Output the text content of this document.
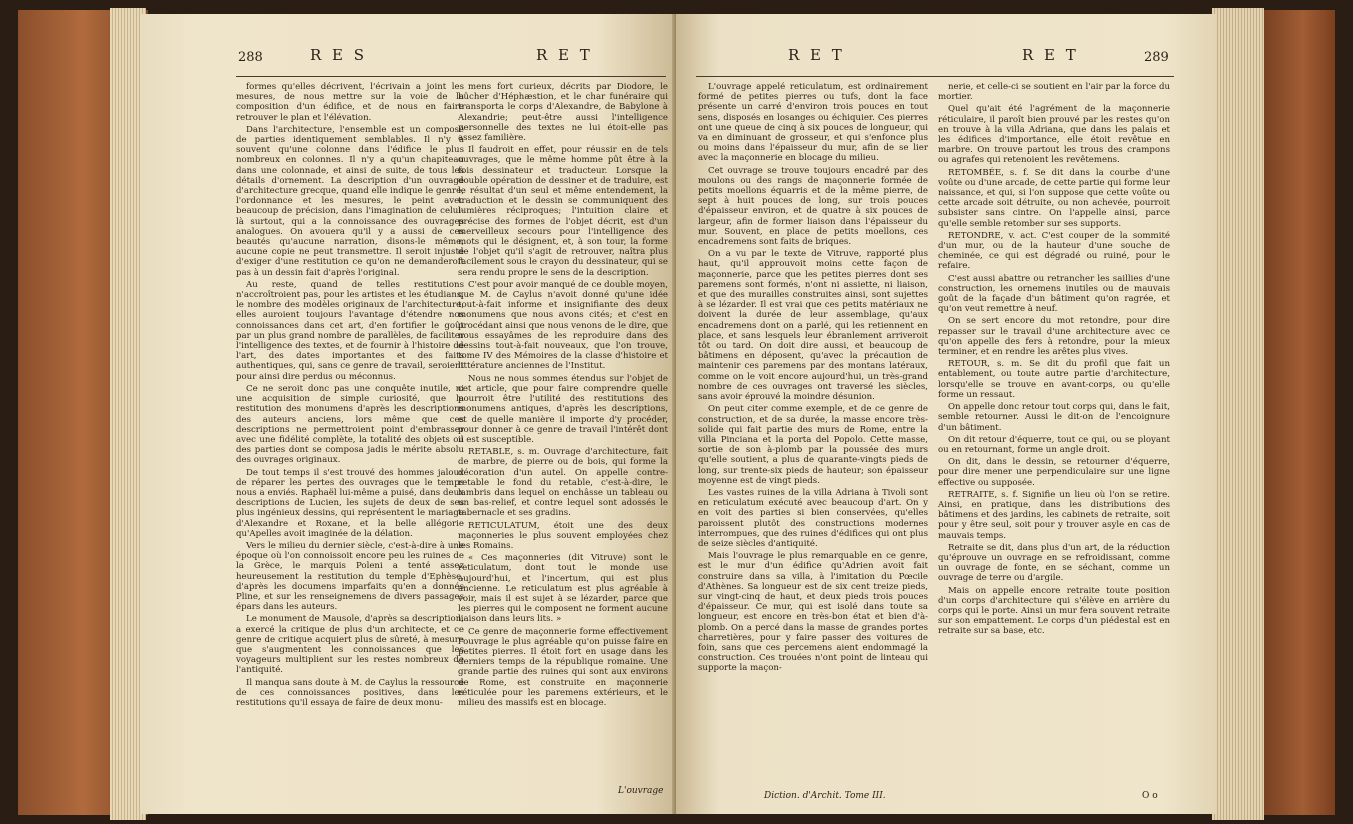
288	R E S	R E T

formes qu'elles décrivent, l'écrivain a joint les mesures, de nous mettre sur la voie de la composition d'un édifice, et de nous en faire retrouver le plan et l'élévation.

Dans l'architecture, l'ensemble est un composé de parties identiquement semblables. Il n'y a souvent qu'une colonne dans l'édifice le plus nombreux en colonnes. Il n'y a qu'un chapiteau dans une colonnade, et ainsi de suite, de tous les détails d'ornement. La description d'un ouvrage d'architecture grecque, quand elle indique le genre, l'ordonnance et les mesures, le peint avec beaucoup de précision, dans l'imagination de celui-là surtout, qui a la connoissance des ouvrages analogues. On avouera qu'il y a aussi de ces beautés qu'aucune narration, disons-le même, aucune copie ne peut transmettre. Il seroit injuste d'exiger d'une restitution ce qu'on ne demanderoit pas à un dessin fait d'après l'original.

Au reste, quand de telles restitutions n'accroîtroient pas, pour les artistes et les étudians, le nombre des modèles originaux de l'architecture, elles auroient toujours l'avantage d'étendre nos connoissances dans cet art, d'en fortifier le goût par un plus grand nombre de parallèles, de faciliter l'intelligence des textes, et de fournir à l'histoire de l'art, des dates importantes et des faits authentiques, qui, sans ce genre de travail, seroient pour ainsi dire perdus ou méconnus.

Ce ne seroit donc pas une conquête inutile, ni une acquisition de simple curiosité, que la restitution des monumens d'après les descriptions des auteurs anciens, lors même que ces descriptions ne permettroient point d'embrasser avec une fidélité complète, la totalité des objets ou des parties dont se composa jadis le mérite absolu des ouvrages originaux.

De tout temps il s'est trouvé des hommes jaloux de réparer les pertes des ouvrages que le temps nous a enviés. Raphaël lui-même a puisé, dans deux descriptions de Lucien, les sujets de deux de ses plus ingénieux dessins, qui représentent le mariage d'Alexandre et Roxane, et la belle allégorie qu'Apelles avoit imaginée de la délation.

Vers le milieu du dernier siècle, c'est-à-dire à une époque où l'on connoissoit encore peu les ruines de la Grèce, le marquis Poleni a tenté assez heureusement la restitution du temple d'Ephèse, d'après les documens imparfaits qu'en a donnés Pline, et sur les renseignemens de divers passages épars dans les auteurs.

Le monument de Mausole, d'après sa description, a exercé la critique de plus d'un architecte, et ce genre de critique acquiert plus de sûreté, à mesure que s'augmentent les connoissances que les voyageurs multiplient sur les restes nombreux de l'antiquité.

Il manqua sans doute à M. de Caylus la ressource de ces connoissances positives, dans les restitutions qu'il essaya de faire de deux monu-

mens fort curieux, décrits par Diodore, le bûcher d'Héphæstion, et le char funéraire qui transporta le corps d'Alexandre, de Babylone à Alexandrie; peut-être aussi l'intelligence personnelle des textes ne lui étoit-elle pas assez familière.

Il faudroit en effet, pour réussir en de tels ouvrages, que le même homme pût être à la fois dessinateur et traducteur. Lorsque la double opération de dessiner et de traduire, est le résultat d'un seul et même entendement, la traduction et le dessin se communiquent des lumières réciproques; l'intuition claire et précise des formes de l'objet décrit, est d'un merveilleux secours pour l'intelligence des mots qui le désignent, et, à son tour, la forme de l'objet qu'il s'agit de retrouver, naîtra plus facilement sous le crayon du dessinateur, qui se sera rendu propre le sens de la description.

C'est pour avoir manqué de ce double moyen, que M. de Caylus n'avoit donné qu'une idée tout-à-fait informe et insignifiante des deux monumens que nous avons cités; et c'est en procédant ainsi que nous venons de le dire, que nous essayâmes de les reproduire dans des dessins tout-à-fait nouveaux, que l'on trouve, tome IV des Mémoires de la classe d'histoire et littérature anciennes de l'Institut.

Nous ne nous sommes étendus sur l'objet de cet article, que pour faire comprendre quelle pourroit être l'utilité des restitutions des monumens antiques, d'après les descriptions, et de quelle manière il importe d'y procéder, pour donner à ce genre de travail l'intérêt dont il est susceptible.

RETABLE, s. m. Ouvrage d'architecture, fait de marbre, de pierre ou de bois, qui forme la décoration d'un autel. On appelle contre-retable le fond du retable, c'est-à-dire, le lambris dans lequel on enchâsse un tableau ou un bas-relief, et contre lequel sont adossés le tabernacle et ses gradins.

RETICULATUM, étoit une des deux maçonneries le plus souvent employées chez les Romains.

« Ces maçonneries (dit Vitruve) sont le reticulatum, dont tout le monde use aujourd'hui, et l'incertum, qui est plus ancienne. Le reticulatum est plus agréable à voir, mais il est sujet à se lézarder, parce que les pierres qui le composent ne forment aucune liaison dans leurs lits. »

Ce genre de maçonnerie forme effectivement l'ouvrage le plus agréable qu'on puisse faire en petites pierres. Il étoit fort en usage dans les derniers temps de la république romaine. Une grande partie des ruines qui sont aux environs de Rome, est construite en maçonnerie réticulée pour les paremens extérieurs, et le milieu des massifs est en blocage.

L'ouvrage
R E T	R E T	289

L'ouvrage appelé reticulatum, est ordinairement formé de petites pierres ou tufs, dont la face présente un carré d'environ trois pouces en tout sens, disposés en losanges ou échiquier. Ces pierres ont une queue de cinq à six pouces de longueur, qui va en diminuant de grosseur, et qui s'enfonce plus ou moins dans l'épaisseur du mur, afin de se lier avec la maçonnerie en blocage du milieu.

Cet ouvrage se trouve toujours encadré par des moulons ou des rangs de maçonnerie formée de petits moellons équarris et de la même pierre, de sept à huit pouces de long, sur trois pouces d'épaisseur environ, et de quatre à six pouces de largeur, afin de former liaison dans l'épaisseur du mur. Souvent, en place de petits moellons, ces encadremens sont faits de briques.

On a vu par le texte de Vitruve, rapporté plus haut, qu'il approuvoit moins cette façon de maçonnerie, parce que les petites pierres dont ses paremens sont formés, n'ont ni assiette, ni liaison, et que des murailles construites ainsi, sont sujettes à se lézarder. Il est vrai que ces petits matériaux ne doivent la durée de leur assemblage, qu'aux encadremens dont on a parlé, qui les retiennent en place, et sans lesquels leur ébranlement arriveroit tôt ou tard. On doit dire aussi, et beaucoup de bâtimens en déposent, qu'avec la précaution de maintenir ces paremens par des montans latéraux, comme on le voit encore aujourd'hui, un très-grand nombre de ces ouvrages ont traversé les siècles, sans avoir éprouvé la moindre désunion.

On peut citer comme exemple, et de ce genre de construction, et de sa durée, la masse encore très-solide qui fait partie des murs de Rome, entre la villa Pinciana et la porta del Popolo. Cette masse, sortie de son à-plomb par la poussée des murs qu'elle soutient, a plus de quarante-vingts pieds de long, sur trente-six pieds de hauteur; son épaisseur moyenne est de vingt pieds.

Les vastes ruines de la villa Adriana à Tivoli sont en reticulatum exécuté avec beaucoup d'art. On y en voit des parties si bien conservées, qu'elles paroissent plutôt des constructions modernes interrompues, que des ruines d'édifices qui ont plus de seize siècles d'antiquité.

Mais l'ouvrage le plus remarquable en ce genre, est le mur d'un édifice qu'Adrien avoit fait construire dans sa villa, à l'imitation du Pœcile d'Athènes. Sa longueur est de six cent treize pieds, sur vingt-cinq de haut, et deux pieds trois pouces d'épaisseur. Ce mur, qui est isolé dans toute sa longueur, est encore en très-bon état et bien d'à-plomb. On a percé dans la masse de grandes portes charretières, pour y faire passer des voitures de foin, sans que ces percemens aient endommagé la construction. Ces trouées n'ont point de linteau qui supporte la maçon-

nerie, et celle-ci se soutient en l'air par la force du mortier.

Quel qu'ait été l'agrément de la maçonnerie réticulaire, il paroît bien prouvé par les restes qu'on en trouve à la villa Adriana, que dans les palais et les édifices d'importance, elle étoit revêtue en marbre. On trouve partout les trous des crampons ou agrafes qui retenoient les revêtemens.

RETOMBÉE, s. f. Se dit dans la courbe d'une voûte ou d'une arcade, de cette partie qui forme leur naissance, et qui, si l'on suppose que cette voûte ou cette arcade soit détruite, ou non achevée, pourroit subsister sans cintre. On l'appelle ainsi, parce qu'elle semble retomber sur ses supports.

RETONDRE, v. act. C'est couper de la sommité d'un mur, ou de la hauteur d'une souche de cheminée, ce qui est dégradé ou ruiné, pour le refaire.

C'est aussi abattre ou retrancher les saillies d'une construction, les ornemens inutiles ou de mauvais goût de la façade d'un bâtiment qu'on ragrée, et qu'on veut remettre à neuf.

On se sert encore du mot retondre, pour dire repasser sur le travail d'une architecture avec ce qu'on appelle des fers à retondre, pour la mieux terminer, et en rendre les arêtes plus vives.

RETOUR, s. m. Se dit du profil que fait un entablement, ou toute autre partie d'architecture, lorsqu'elle se trouve en avant-corps, ou qu'elle forme un ressaut.

On appelle donc retour tout corps qui, dans le fait, semble retourner. Aussi le dit-on de l'encoignure d'un bâtiment.

On dit retour d'équerre, tout ce qui, ou se ployant ou en retournant, forme un angle droit.

On dit, dans le dessin, se retourner d'équerre, pour dire mener une perpendiculaire sur une ligne effective ou supposée.

RETRAITE, s. f. Signifie un lieu où l'on se retire. Ainsi, en pratique, dans les distributions des bâtimens et des jardins, les cabinets de retraite, soit pour y être seul, soit pour y trouver asyle en cas de mauvais temps.

Retraite se dit, dans plus d'un art, de la réduction qu'éprouve un ouvrage en se refroidissant, comme un ouvrage de fonte, en se séchant, comme un ouvrage de terre ou d'argile.

Mais on appelle encore retraite toute position d'un corps d'architecture qui s'élève en arrière du corps qui le porte. Ainsi un mur fera souvent retraite sur son empattement. Le corps d'un piédestal est en retraite sur sa base, etc.

Diction. d'Archit. Tome III.	O o
